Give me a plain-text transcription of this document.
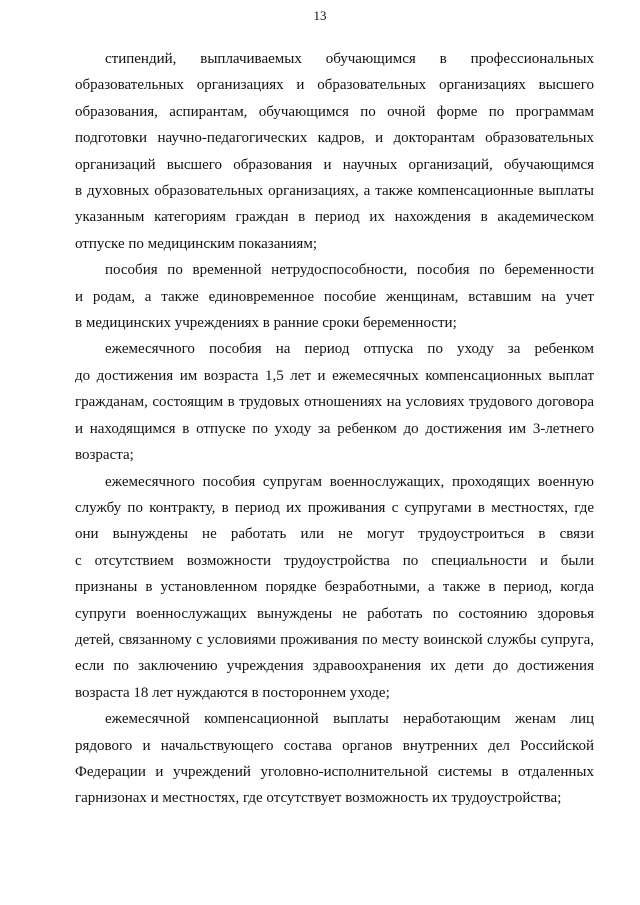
13

стипендий, выплачиваемых обучающимся в профессиональных
образовательных организациях и образовательных организациях высшего
образования, аспирантам, обучающимся по очной форме по программам
подготовки научно-педагогических кадров, и докторантам образовательных
организаций высшего образования и научных организаций, обучающимся
в духовных образовательных организациях, а также компенсационные выплаты
указанным категориям граждан в период их нахождения в академическом
отпуске по медицинским показаниям;

пособия по временной нетрудоспособности, пособия по беременности
и родам, а также единовременное пособие женщинам, вставшим на учет
в медицинских учреждениях в ранние сроки беременности;

ежемесячного пособия на период отпуска по уходу за ребенком
до достижения им возраста 1,5 лет и ежемесячных компенсационных выплат
гражданам, состоящим в трудовых отношениях на условиях трудового договора
и находящимся в отпуске по уходу за ребенком до достижения им 3-летнего
возраста;

ежемесячного пособия супругам военнослужащих, проходящих военную
службу по контракту, в период их проживания с супругами в местностях, где
они вынуждены не работать или не могут трудоустроиться в связи
с отсутствием возможности трудоустройства по специальности и были
признаны в установленном порядке безработными, а также в период, когда
супруги военнослужащих вынуждены не работать по состоянию здоровья
детей, связанному с условиями проживания по месту воинской службы супруга,
если по заключению учреждения здравоохранения их дети до достижения
возраста 18 лет нуждаются в постороннем уходе;

ежемесячной компенсационной выплаты неработающим женам лиц
рядового и начальствующего состава органов внутренних дел Российской
Федерации и учреждений уголовно-исполнительной системы в отдаленных
гарнизонах и местностях, где отсутствует возможность их трудоустройства;
